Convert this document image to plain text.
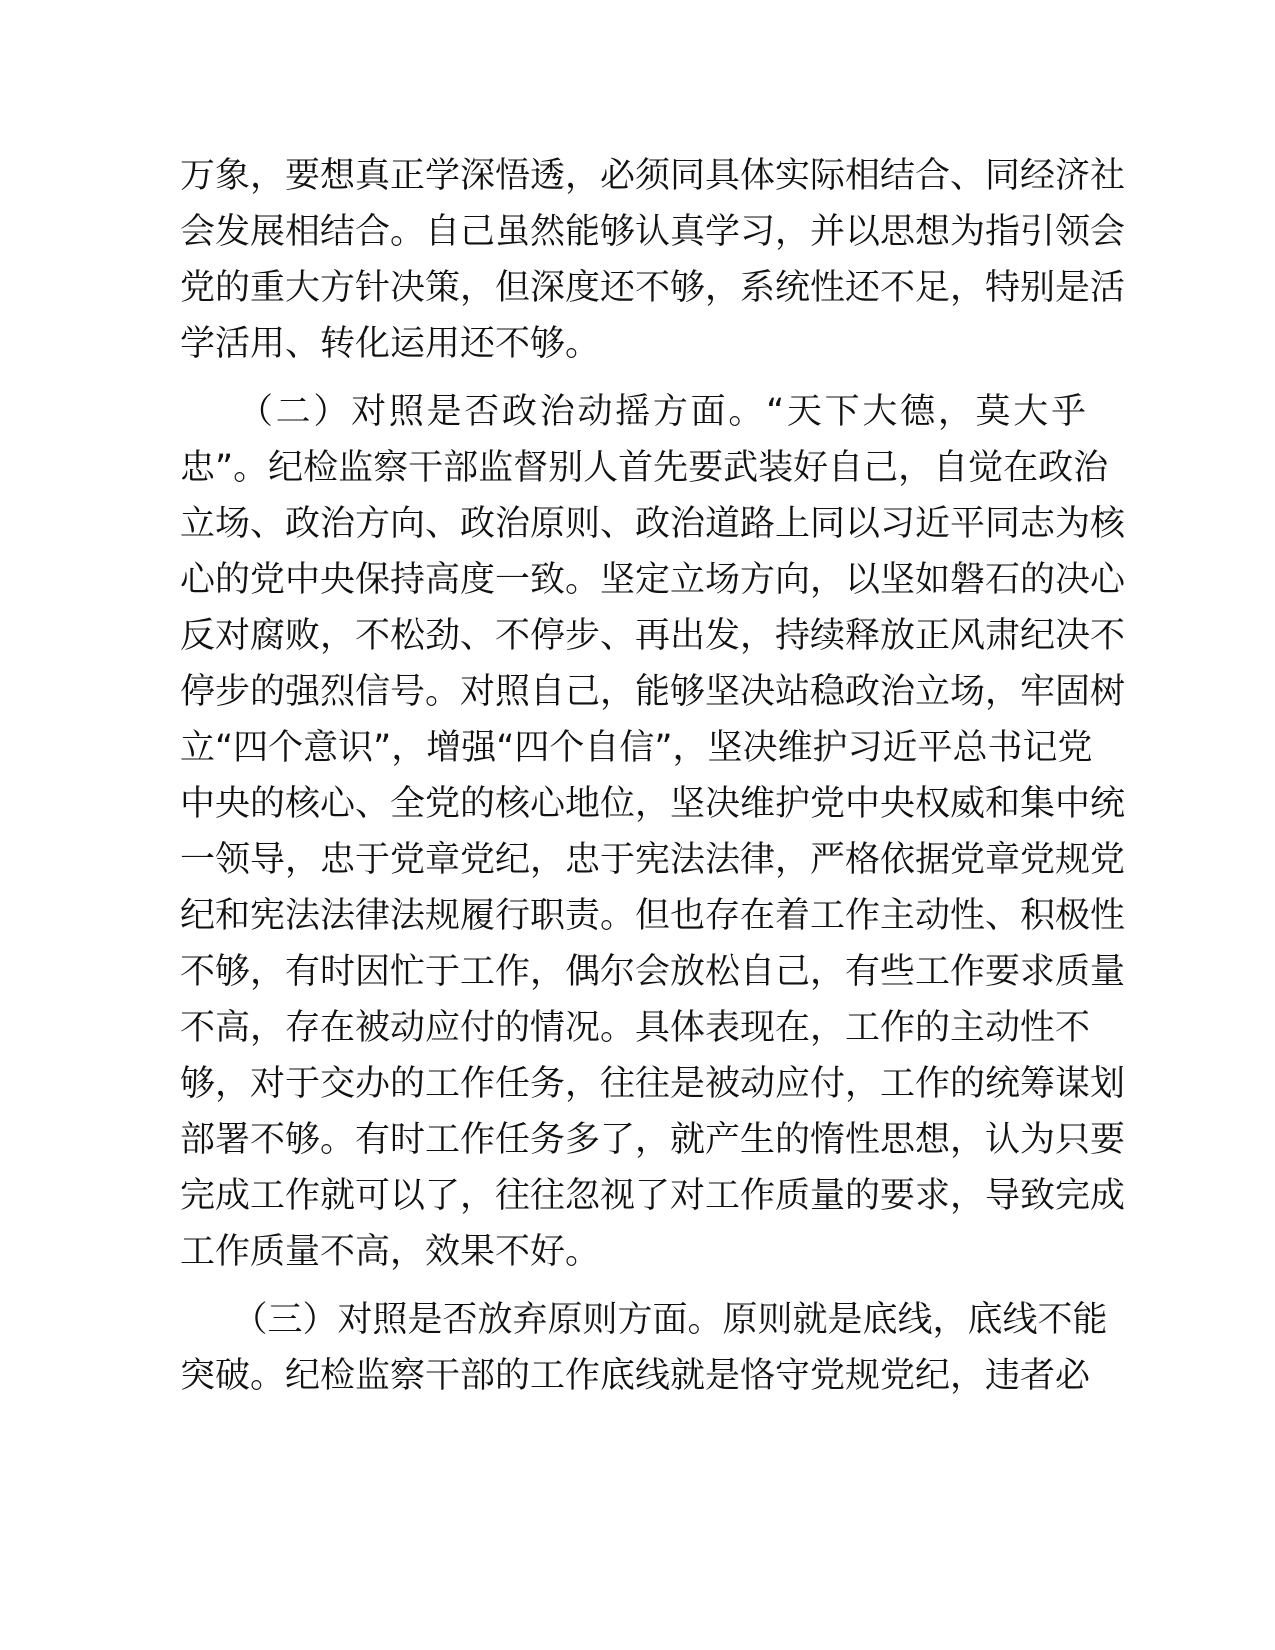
万象，要想真正学深悟透，必须同具体实际相结合、同经济社
会发展相结合。自己虽然能够认真学习，并以思想为指引领会
党的重大方针决策，但深度还不够，系统性还不足，特别是活
学活用、转化运用还不够。
　　（二）对照是否政治动摇方面。“天下大德，莫大乎
忠”。纪检监察干部监督别人首先要武装好自己，自觉在政治
立场、政治方向、政治原则、政治道路上同以习近平同志为核
心的党中央保持高度一致。坚定立场方向，以坚如磐石的决心
反对腐败，不松劲、不停步、再出发，持续释放正风肃纪决不
停步的强烈信号。对照自己，能够坚决站稳政治立场，牢固树
立“四个意识”，增强“四个自信”，坚决维护习近平总书记党
中央的核心、全党的核心地位，坚决维护党中央权威和集中统
一领导，忠于党章党纪，忠于宪法法律，严格依据党章党规党
纪和宪法法律法规履行职责。但也存在着工作主动性、积极性
不够，有时因忙于工作，偶尔会放松自己，有些工作要求质量
不高，存在被动应付的情况。具体表现在，工作的主动性不
够，对于交办的工作任务，往往是被动应付，工作的统筹谋划
部署不够。有时工作任务多了，就产生的惰性思想，认为只要
完成工作就可以了，往往忽视了对工作质量的要求，导致完成
工作质量不高，效果不好。
　　（三）对照是否放弃原则方面。原则就是底线，底线不能
突破。纪检监察干部的工作底线就是恪守党规党纪，违者必
